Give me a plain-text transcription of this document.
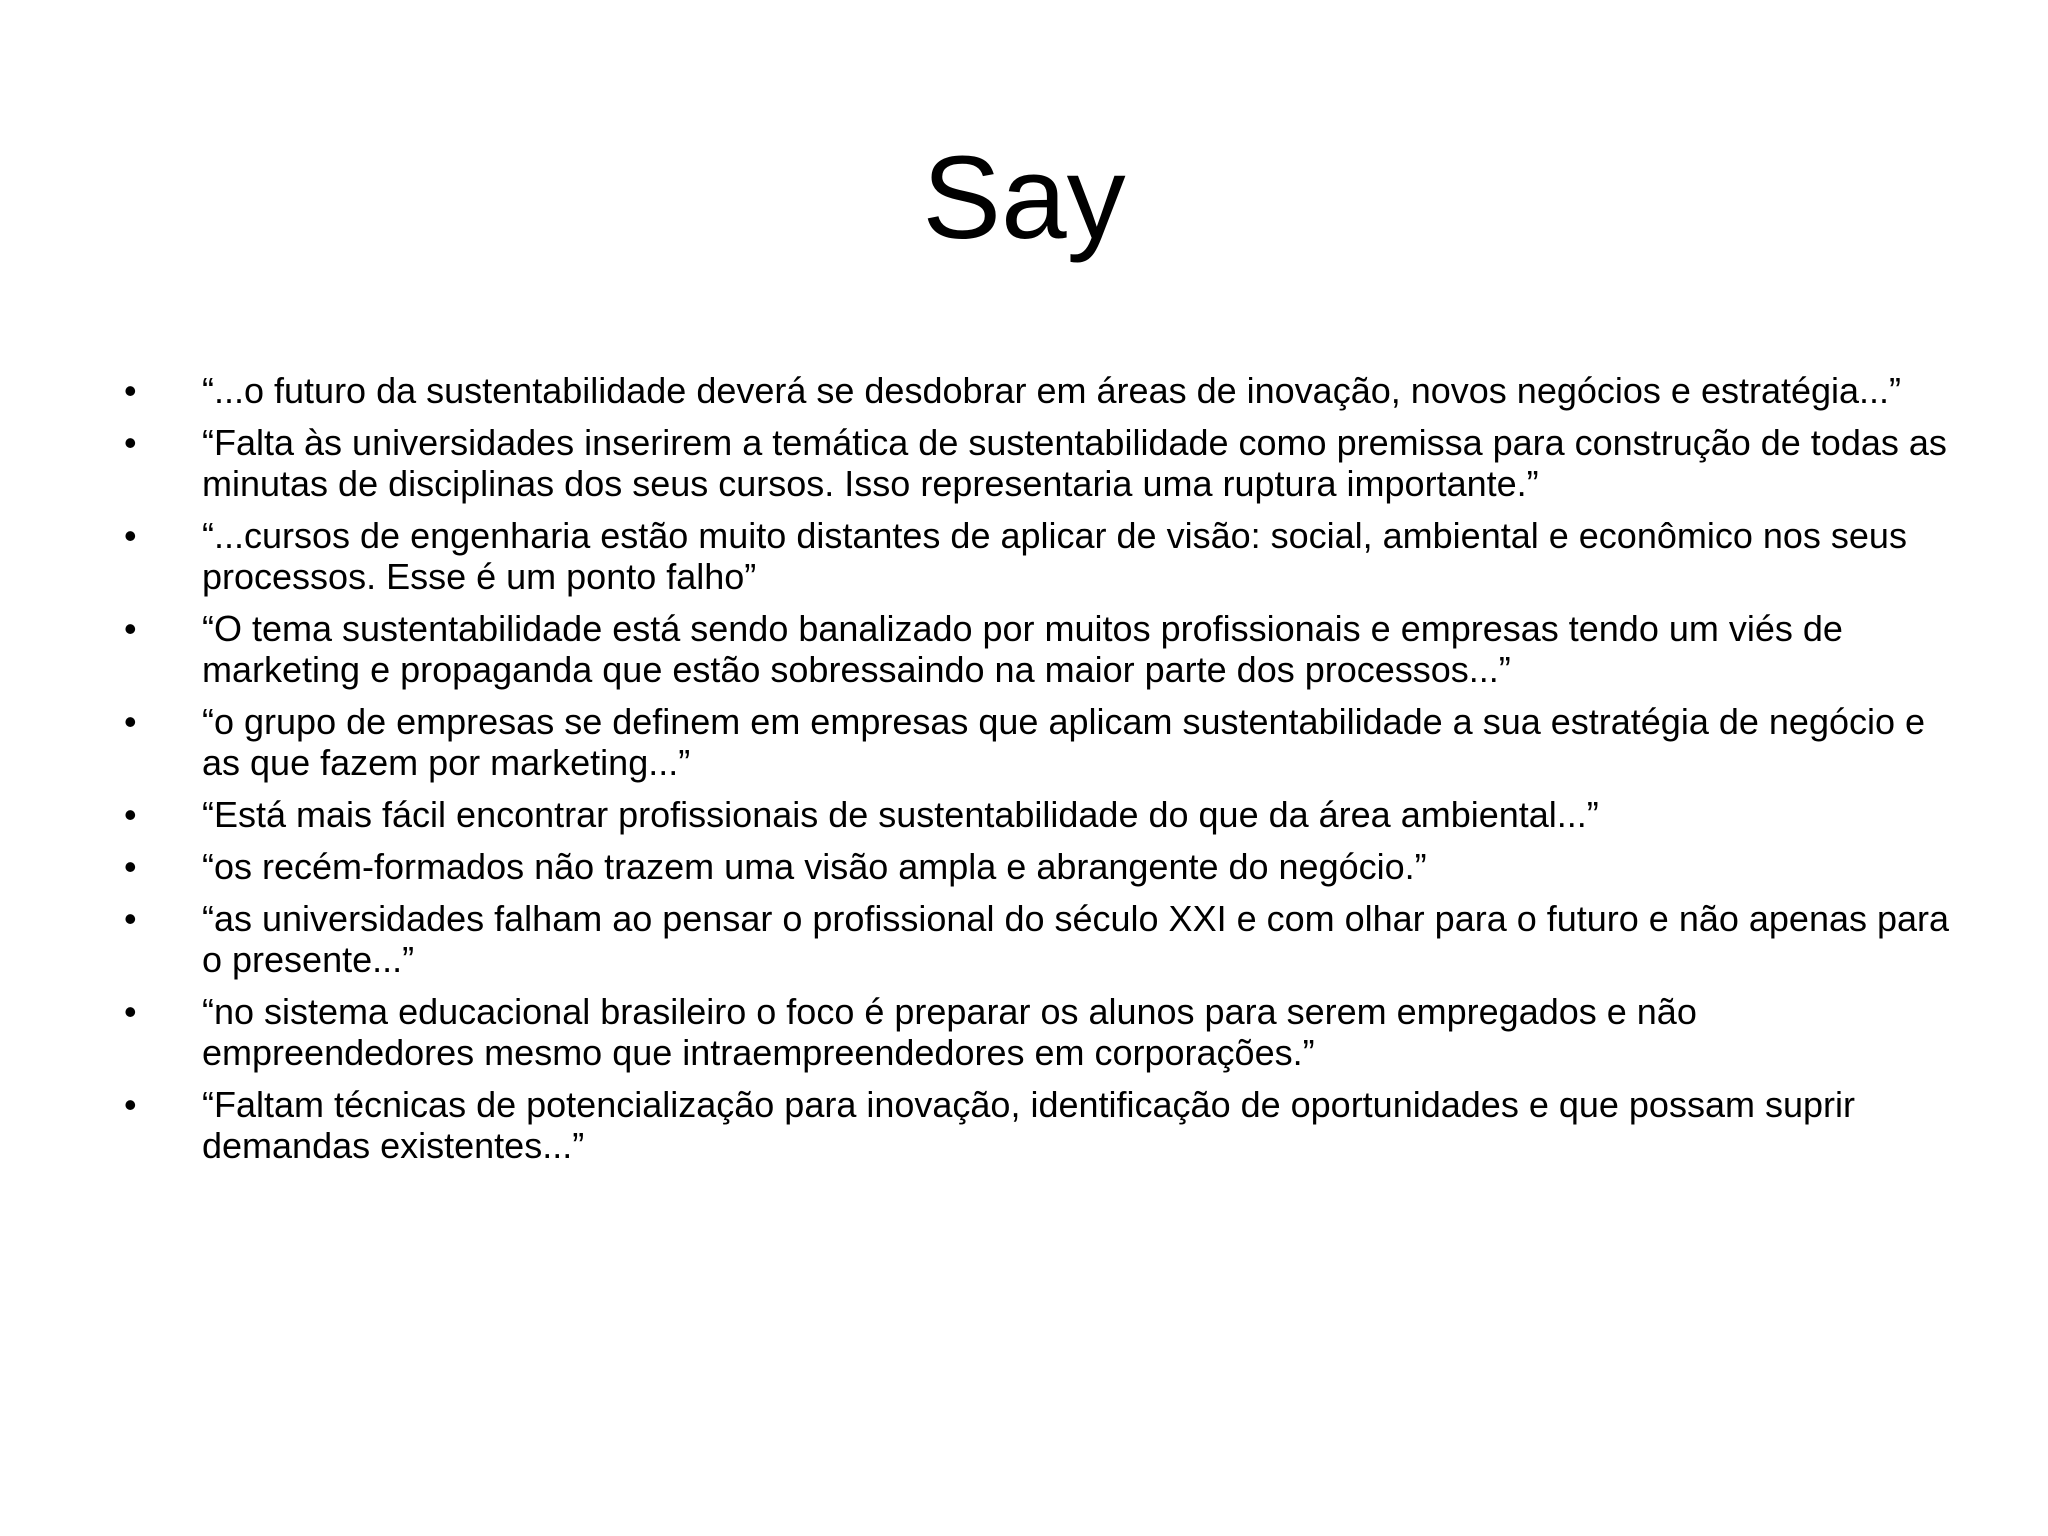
Say
•	“...o futuro da sustentabilidade deverá se desdobrar em áreas de inovação, novos negócios e estratégia...”
•	“Falta às universidades inserirem a temática de sustentabilidade como premissa para construção de todas as minutas de disciplinas dos seus cursos. Isso representaria uma ruptura importante.”
•	“...cursos de engenharia estão muito distantes de aplicar de visão: social, ambiental e econômico nos seus processos. Esse é um ponto falho”
•	“O tema sustentabilidade está sendo banalizado por muitos profissionais e empresas tendo um viés de marketing e propaganda que estão sobressaindo na maior parte dos processos...”
•	“o grupo de empresas se definem em empresas que aplicam sustentabilidade a sua estratégia de negócio e as que fazem por marketing...”
•	“Está mais fácil encontrar profissionais de sustentabilidade do que da área ambiental...”
•	“os recém-formados não trazem uma visão ampla e abrangente do negócio.”
•	“as universidades falham ao pensar o profissional do século XXI e com olhar para o futuro e não apenas para o presente...”
•	“no sistema educacional brasileiro o foco é preparar os alunos para serem empregados e não empreendedores mesmo que intraempreendedores em corporações.”
•	“Faltam técnicas de potencialização para inovação, identificação de oportunidades e que possam suprir demandas existentes...”
